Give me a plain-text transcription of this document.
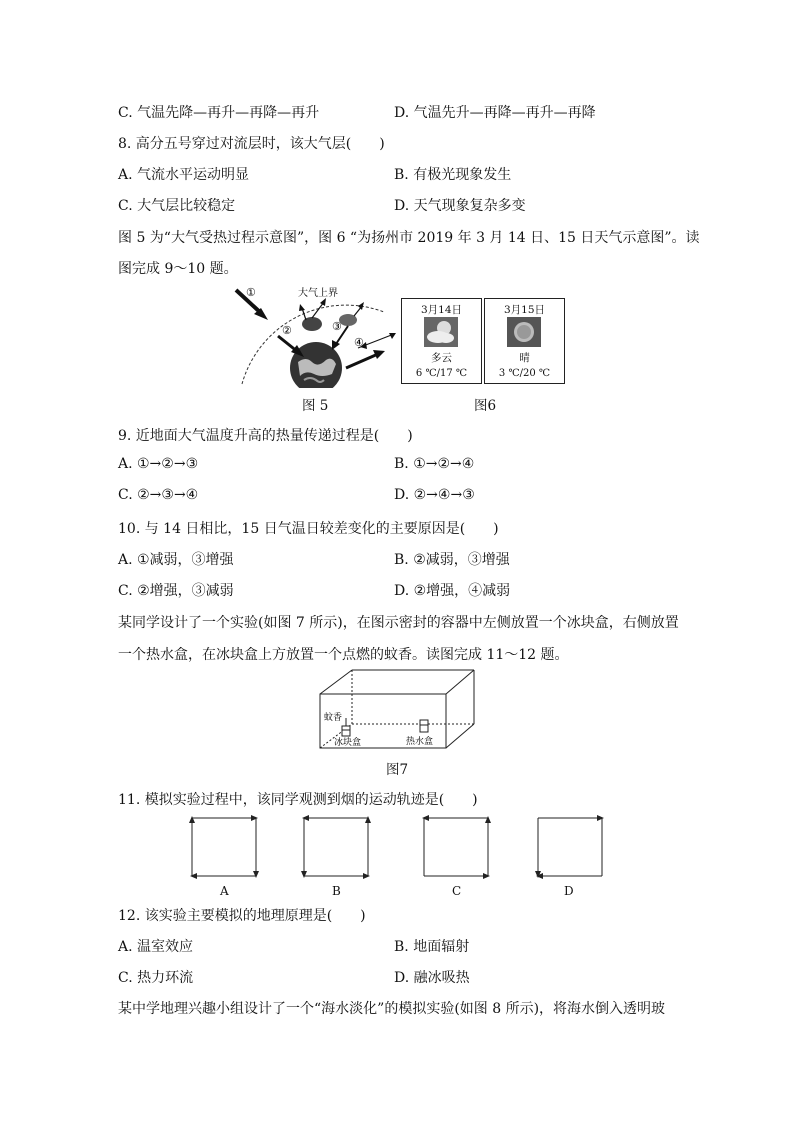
C. 气温先降—再升—再降—再升	D. 气温先升—再降—再升—再降
8. 高分五号穿过对流层时，该大气层(　　)
A. 气流水平运动明显	B. 有极光现象发生
C. 大气层比较稳定	D. 天气现象复杂多变
图 5 为“大气受热过程示意图”，图 6 “为扬州市 2019 年 3 月 14 日、15 日天气示意图”。读
图完成 9～10 题。
大气上界
①
②	③
④
图 5
3月14日
多云
6 ℃/17 ℃
3月15日
晴
3 ℃/20 ℃
图6
9. 近地面大气温度升高的热量传递过程是(　　)
A. ①→②→③	B. ①→②→④
C. ②→③→④	D. ②→④→③
10. 与 14 日相比，15 日气温日较差变化的主要原因是(　　)
A. ①减弱，③增强	B. ②减弱，③增强
C. ②增强，③减弱	D. ②增强，④减弱
某同学设计了一个实验(如图 7 所示)，在图示密封的容器中左侧放置一个冰块盒，右侧放置
一个热水盒，在冰块盒上方放置一个点燃的蚊香。读图完成 11～12 题。
蚊香
冰块盒	热水盒
图7
11. 模拟实验过程中，该同学观测到烟的运动轨迹是(　　)
A	B	C	D
12. 该实验主要模拟的地理原理是(　　)
A. 温室效应	B. 地面辐射
C. 热力环流	D. 融冰吸热
某中学地理兴趣小组设计了一个“海水淡化”的模拟实验(如图 8 所示)，将海水倒入透明玻
